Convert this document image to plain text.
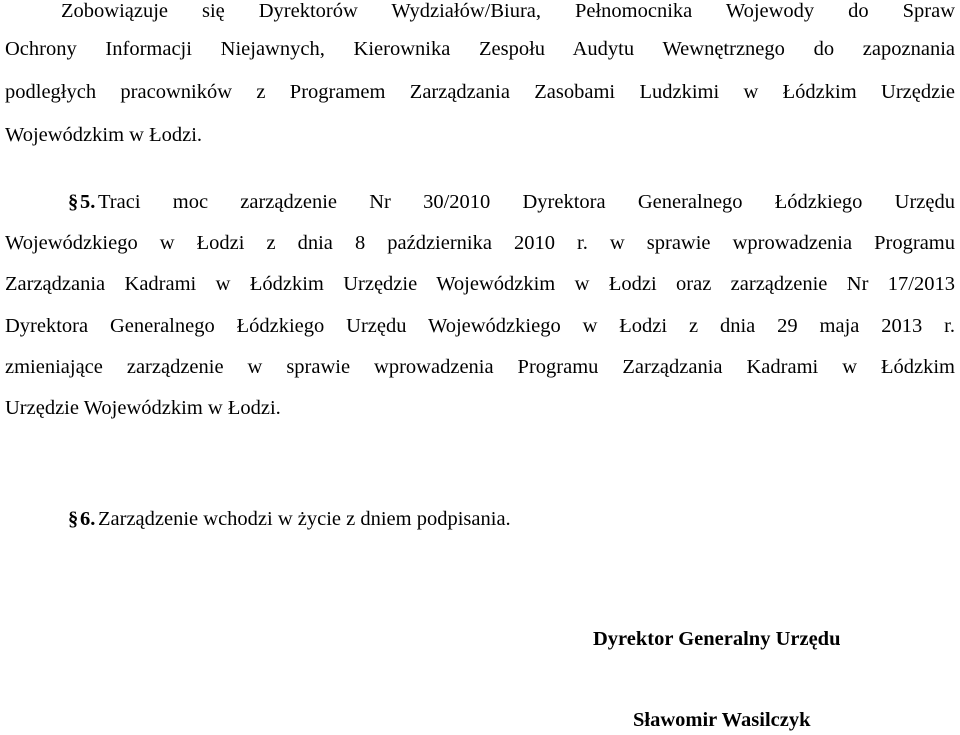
Zobowiązuje się Dyrektorów Wydziałów/Biura, Pełnomocnika Wojewody do Spraw
Ochrony Informacji Niejawnych, Kierownika Zespołu Audytu Wewnętrznego do zapoznania
podległych pracowników z Programem Zarządzania Zasobami Ludzkimi w Łódzkim Urzędzie
Wojewódzkim w Łodzi.
§ 5. Traci moc zarządzenie Nr 30/2010 Dyrektora Generalnego Łódzkiego Urzędu
Wojewódzkiego w Łodzi z dnia 8 października 2010 r. w sprawie wprowadzenia Programu
Zarządzania Kadrami w Łódzkim Urzędzie Wojewódzkim w Łodzi oraz zarządzenie Nr 17/2013
Dyrektora Generalnego Łódzkiego Urzędu Wojewódzkiego w Łodzi z dnia 29 maja 2013 r.
zmieniające zarządzenie w sprawie wprowadzenia Programu Zarządzania Kadrami w Łódzkim
Urzędzie Wojewódzkim w Łodzi.
§ 6. Zarządzenie wchodzi w życie z dniem podpisania.
Dyrektor Generalny Urzędu
Sławomir Wasilczyk
